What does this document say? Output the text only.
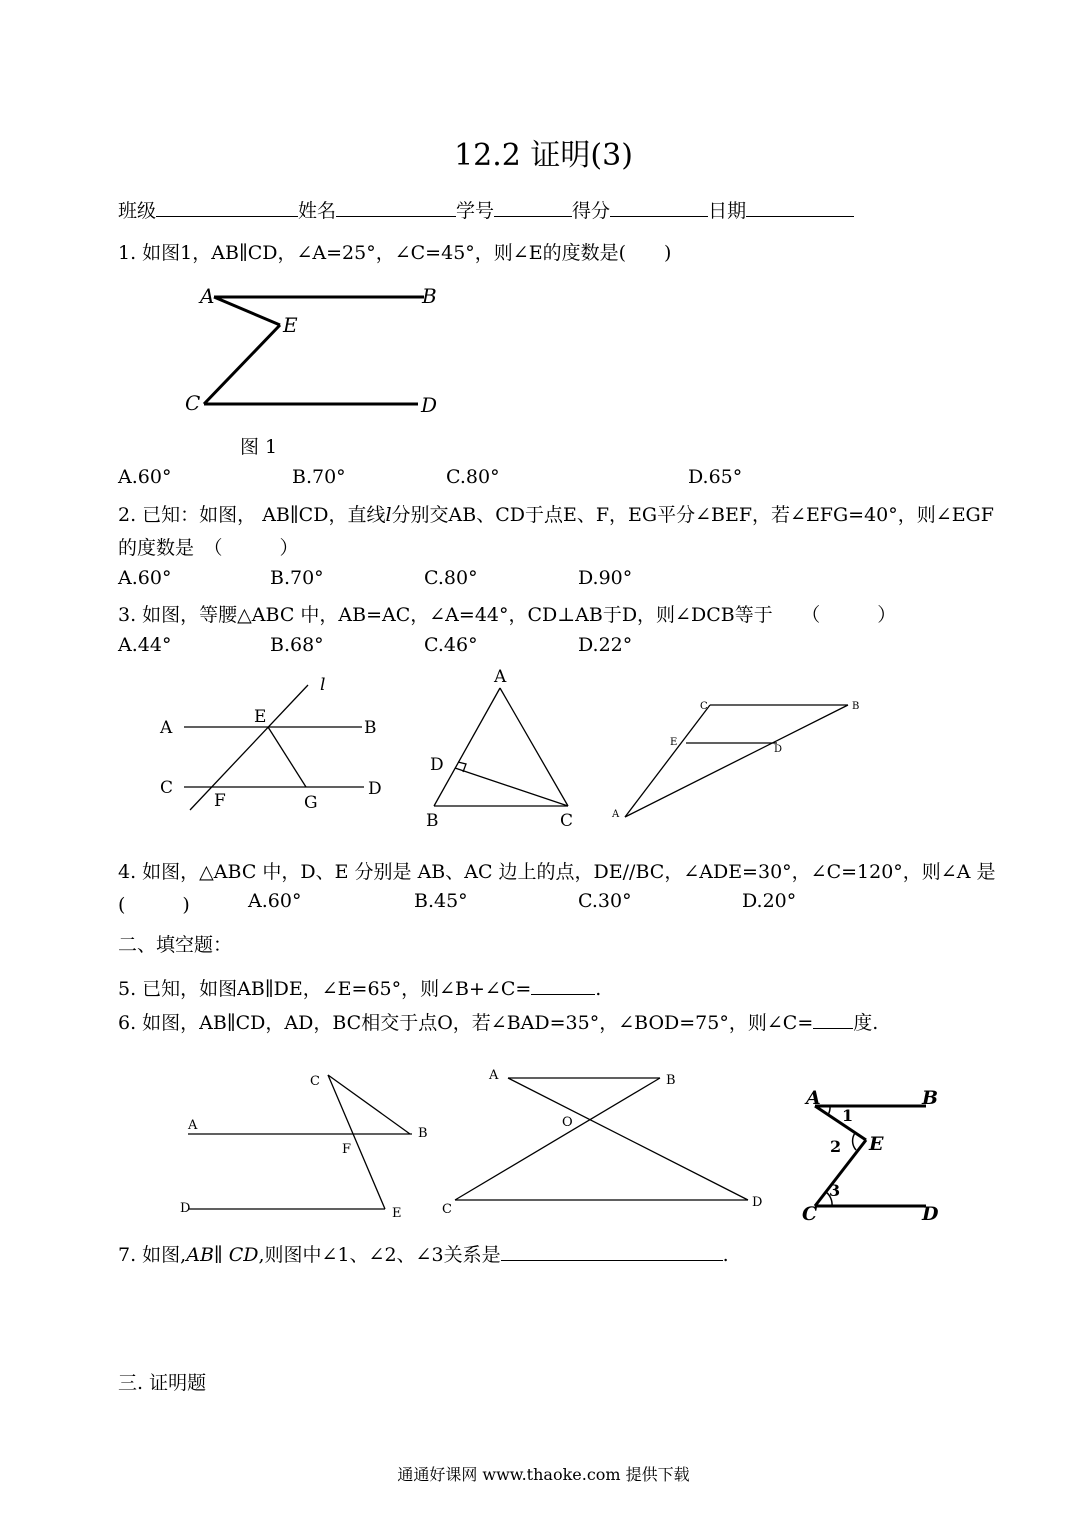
12.2 证明(3)
班级	姓名	学号	得分	日期
1. 如图1，AB∥CD，∠A=25°，∠C=45°，则∠E的度数是(　　)
A	B
E
C	D
图 1
A.60°	B.70°	C.80°	D.65°
2. 已知：如图， AB∥CD，直线l分别交AB、CD于点E、F，EG平分∠BEF，若∠EFG=40°，则∠EGF
的度数是　（　　　）
A.60°	B.70°	C.80°	D.90°
3. 如图，等腰△ABC 中，AB=AC，∠A=44°，CD⊥AB于D，则∠DCB等于　　（　　　）
A.44°	B.68°	C.46°	D.22°
A	B
E
C	D
F	G
l	A
D
B	C
C	B
E
D
A
4. 如图，△ABC 中，D、E 分别是 AB、AC 边上的点，DE//BC，∠ADE=30°，∠C=120°，则∠A 是
(　　　)	A.60°	B.45°	C.30°	D.20°
二、填空题：
5. 已知，如图AB∥DE，∠E=65°，则∠B+∠C=	.
6. 如图，AB∥CD，AD，BC相交于点O，若∠BAD=35°，∠BOD=75°，则∠C= 度.
A
B
C
F
D	E
A	B
O
C	D
A	B
E
C	D
1
2
3
7. 如图,AB∥ CD,则图中∠1、∠2、∠3关系是	.
三. 证明题
通通好课网 www.thaoke.com 提供下载
